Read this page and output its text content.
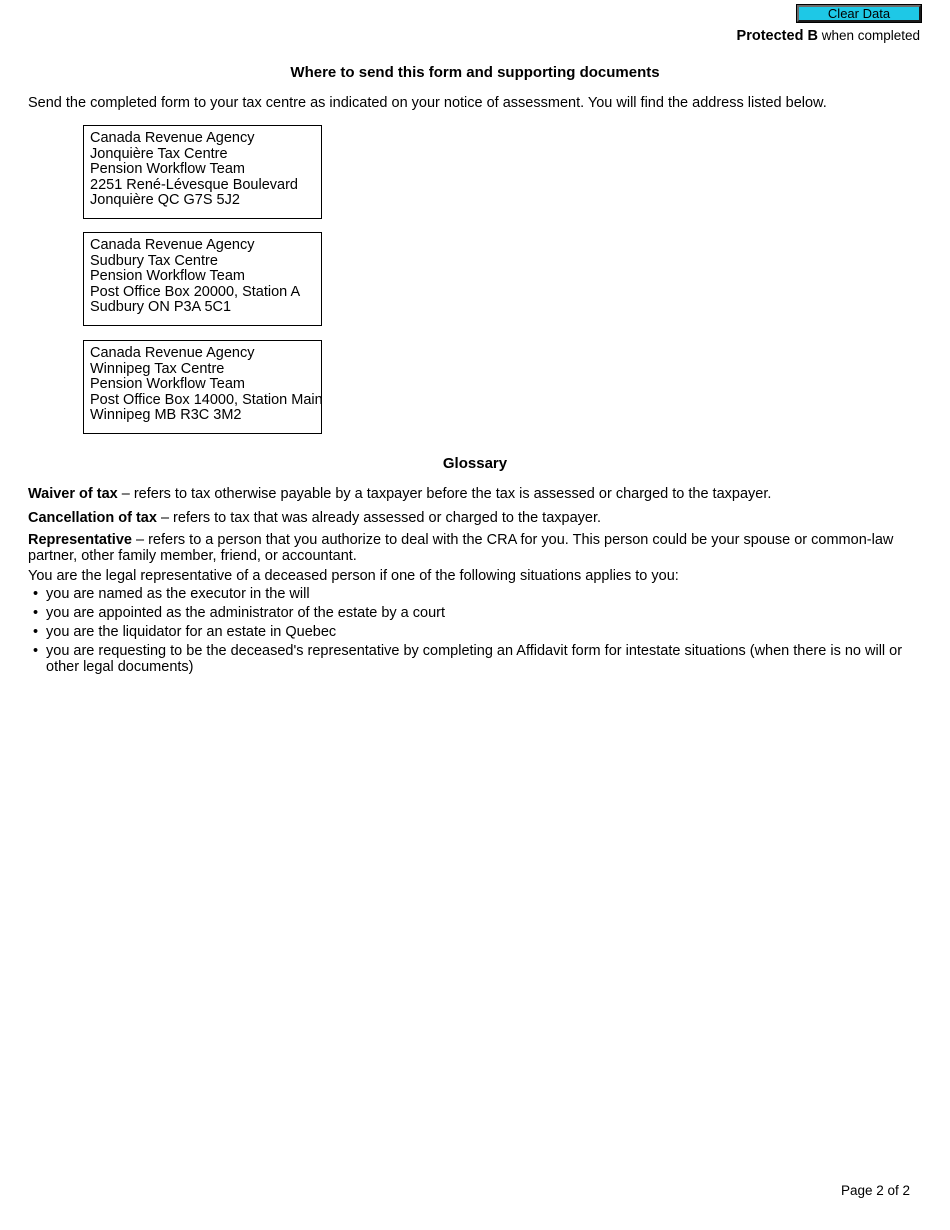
Clear Data
Protected B when completed
Where to send this form and supporting documents
Send the completed form to your tax centre as indicated on your notice of assessment. You will find the address listed below.
Canada Revenue Agency
Jonquière Tax Centre
Pension Workflow Team
2251 René-Lévesque Boulevard
Jonquière QC G7S 5J2
Canada Revenue Agency
Sudbury Tax Centre
Pension Workflow Team
Post Office Box 20000, Station A
Sudbury ON P3A 5C1
Canada Revenue Agency
Winnipeg Tax Centre
Pension Workflow Team
Post Office Box 14000, Station Main
Winnipeg MB R3C 3M2
Glossary
Waiver of tax – refers to tax otherwise payable by a taxpayer before the tax is assessed or charged to the taxpayer.
Cancellation of tax – refers to tax that was already assessed or charged to the taxpayer.
Representative – refers to a person that you authorize to deal with the CRA for you. This person could be your spouse or common-law partner, other family member, friend, or accountant.
You are the legal representative of a deceased person if one of the following situations applies to you:
• you are named as the executor in the will
• you are appointed as the administrator of the estate by a court
• you are the liquidator for an estate in Quebec
• you are requesting to be the deceased's representative by completing an Affidavit form for intestate situations (when there is no will or other legal documents)
Page 2 of 2
